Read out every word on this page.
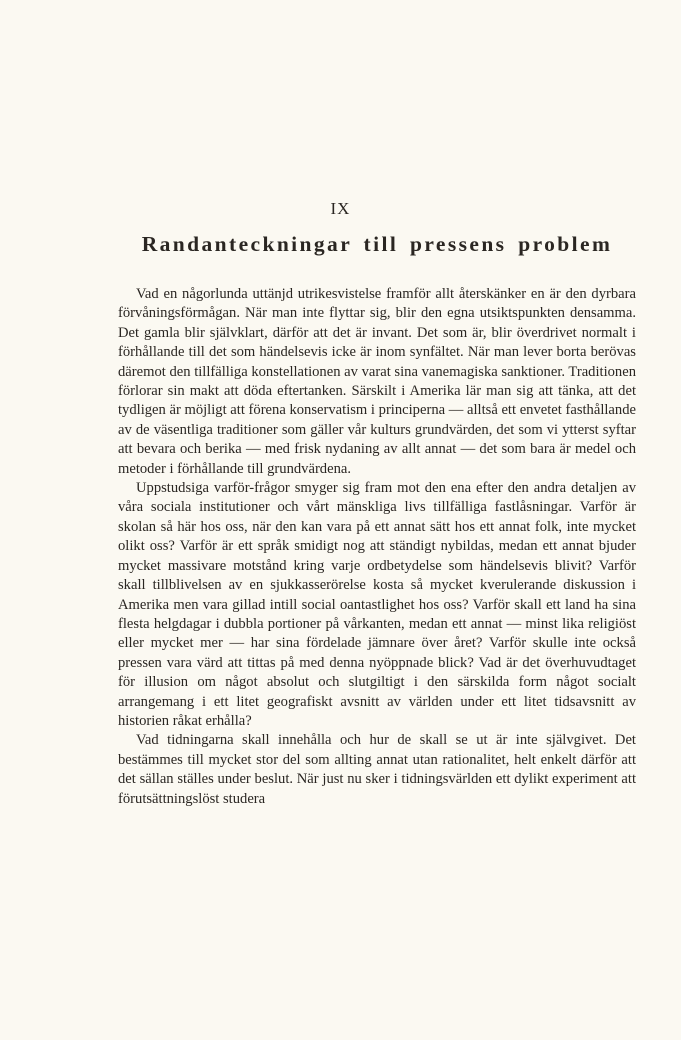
IX
Randanteckningar till pressens problem

Vad en någorlunda uttänjd utrikesvistelse framför allt återskänker en är den dyrbara förvåningsförmågan. När man inte flyttar sig, blir den egna utsiktspunkten densamma. Det gamla blir självklart, därför att det är invant. Det som är, blir överdrivet normalt i förhållande till det som händelsevis icke är inom synfältet. När man lever borta berövas däremot den tillfälliga konstellationen av varat sina vanemagiska sanktioner. Traditionen förlorar sin makt att döda eftertanken. Särskilt i Amerika lär man sig att tänka, att det tydligen är möjligt att förena konservatism i principerna — alltså ett envetet fasthållande av de väsentliga traditioner som gäller vår kulturs grundvärden, det som vi ytterst syftar att bevara och berika — med frisk nydaning av allt annat — det som bara är medel och metoder i förhållande till grundvärdena.

Uppstudsiga varför-frågor smyger sig fram mot den ena efter den andra detaljen av våra sociala institutioner och vårt mänskliga livs tillfälliga fastlåsningar. Varför är skolan så här hos oss, när den kan vara på ett annat sätt hos ett annat folk, inte mycket olikt oss? Varför är ett språk smidigt nog att ständigt nybildas, medan ett annat bjuder mycket massivare motstånd kring varje ordbetydelse som händelsevis blivit? Varför skall tillblivelsen av en sjukkasserörelse kosta så mycket kverulerande diskussion i Amerika men vara gillad intill social oantastlighet hos oss? Varför skall ett land ha sina flesta helgdagar i dubbla portioner på vårkanten, medan ett annat — minst lika religiöst eller mycket mer — har sina fördelade jämnare över året? Varför skulle inte också pressen vara värd att tittas på med denna nyöppnade blick? Vad är det överhuvudtaget för illusion om något absolut och slutgiltigt i den särskilda form något socialt arrangemang i ett litet geografiskt avsnitt av världen under ett litet tidsavsnitt av historien råkat erhålla?

Vad tidningarna skall innehålla och hur de skall se ut är inte självgivet. Det bestämmes till mycket stor del som allting annat utan rationalitet, helt enkelt därför att det sällan ställes under beslut. När just nu sker i tidningsvärlden ett dylikt experiment att förutsättningslöst studera
